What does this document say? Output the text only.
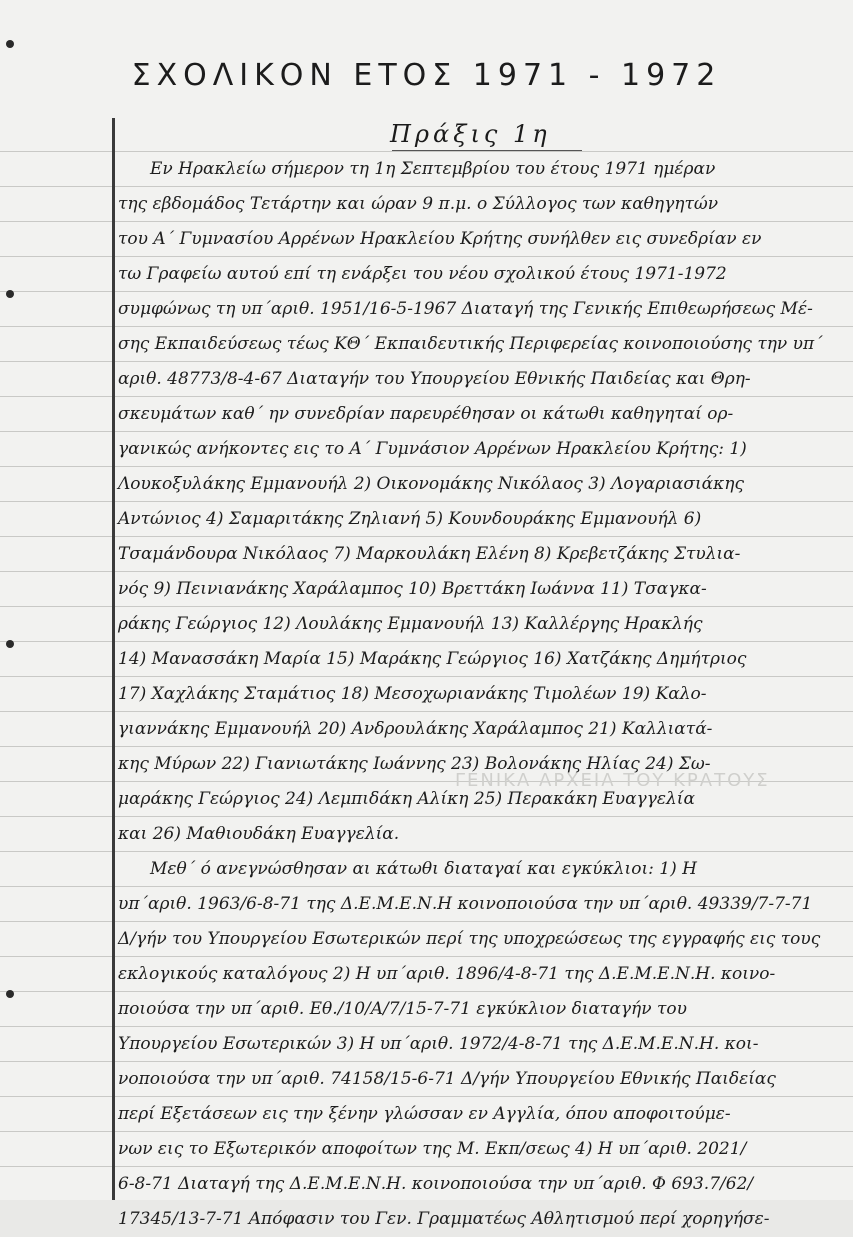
ΓΕΝΙΚΑ ΑΡΧΕΙΑ ΤΟΥ ΚΡΑΤΟΥΣ
ΣΧΟΛΙΚΟΝ ΕΤΟΣ 1971 - 1972
Πράξις 1η
Εν Ηρακλείω σήμερον τη 1η Σεπτεμβρίου του έτους 1971 ημέραν
της εβδομάδος Τετάρτην και ώραν 9 π.μ. ο Σύλλογος των καθηγητών
του Α΄ Γυμνασίου Αρρένων Ηρακλείου Κρήτης συνήλθεν εις συνεδρίαν εν
τω Γραφείω αυτού επί τη ενάρξει του νέου σχολικού έτους 1971-1972
συμφώνως τη υπ΄αριθ. 1951/16-5-1967 Διαταγή της Γενικής Επιθεωρήσεως Μέ-
σης Εκπαιδεύσεως τέως ΚΘ΄ Εκπαιδευτικής Περιφερείας κοινοποιούσης την υπ΄
αριθ. 48773/8-4-67 Διαταγήν του Υπουργείου Εθνικής Παιδείας και Θρη-
σκευμάτων καθ΄ ην συνεδρίαν παρευρέθησαν οι κάτωθι καθηγηταί ορ-
γανικώς ανήκοντες εις το Α΄ Γυμνάσιον Αρρένων Ηρακλείου Κρήτης: 1)
Λουκοξυλάκης Εμμανουήλ 2) Οικονομάκης Νικόλαος 3) Λογαριασιάκης
Αντώνιος 4) Σαμαριτάκης Ζηλιανή 5) Κουνδουράκης Εμμανουήλ 6)
Τσαμάνδουρα Νικόλαος 7) Μαρκουλάκη Ελένη 8) Κρεβετζάκης Στυλια-
νός 9) Πεινιανάκης Χαράλαμπος 10) Βρεττάκη Ιωάννα 11) Τσαγκα-
ράκης Γεώργιος 12) Λουλάκης Εμμανουήλ 13) Καλλέργης Ηρακλής
14) Μανασσάκη Μαρία 15) Μαράκης Γεώργιος 16) Χατζάκης Δημήτριος
17) Χαχλάκης Σταμάτιος 18) Μεσοχωριανάκης Τιμολέων 19) Καλο-
γιαννάκης Εμμανουήλ 20) Ανδρουλάκης Χαράλαμπος 21) Καλλιατά-
κης Μύρων 22) Γιανιωτάκης Ιωάννης 23) Βολονάκης Ηλίας 24) Σω-
μαράκης Γεώργιος 24) Λεμπιδάκη Αλίκη 25) Περακάκη Ευαγγελία
και 26) Μαθιουδάκη Ευαγγελία.
Μεθ΄ ό ανεγνώσθησαν αι κάτωθι διαταγαί και εγκύκλιοι: 1) Η
υπ΄αριθ. 1963/6-8-71 της Δ.Ε.Μ.Ε.Ν.Η κοινοποιούσα την υπ΄αριθ. 49339/7-7-71
Δ/γήν του Υπουργείου Εσωτερικών περί της υποχρεώσεως της εγγραφής εις τους
εκλογικούς καταλόγους 2) Η υπ΄αριθ. 1896/4-8-71 της Δ.Ε.Μ.Ε.Ν.Η. κοινο-
ποιούσα την υπ΄αριθ. Εθ./10/Α/7/15-7-71 εγκύκλιον διαταγήν του
Υπουργείου Εσωτερικών 3) Η υπ΄αριθ. 1972/4-8-71 της Δ.Ε.Μ.Ε.Ν.Η. κοι-
νοποιούσα την υπ΄αριθ. 74158/15-6-71 Δ/γήν Υπουργείου Εθνικής Παιδείας
περί Εξετάσεων εις την ξένην γλώσσαν εν Αγγλία, όπου αποφοιτούμε-
νων εις το Εξωτερικόν αποφοίτων της Μ. Εκπ/σεως 4) Η υπ΄αριθ. 2021/
6-8-71 Διαταγή της Δ.Ε.Μ.Ε.Ν.Η. κοινοποιούσα την υπ΄αριθ. Φ 693.7/62/
17345/13-7-71 Απόφασιν του Γεν. Γραμματέως Αθλητισμού περί χορηγήσε-
